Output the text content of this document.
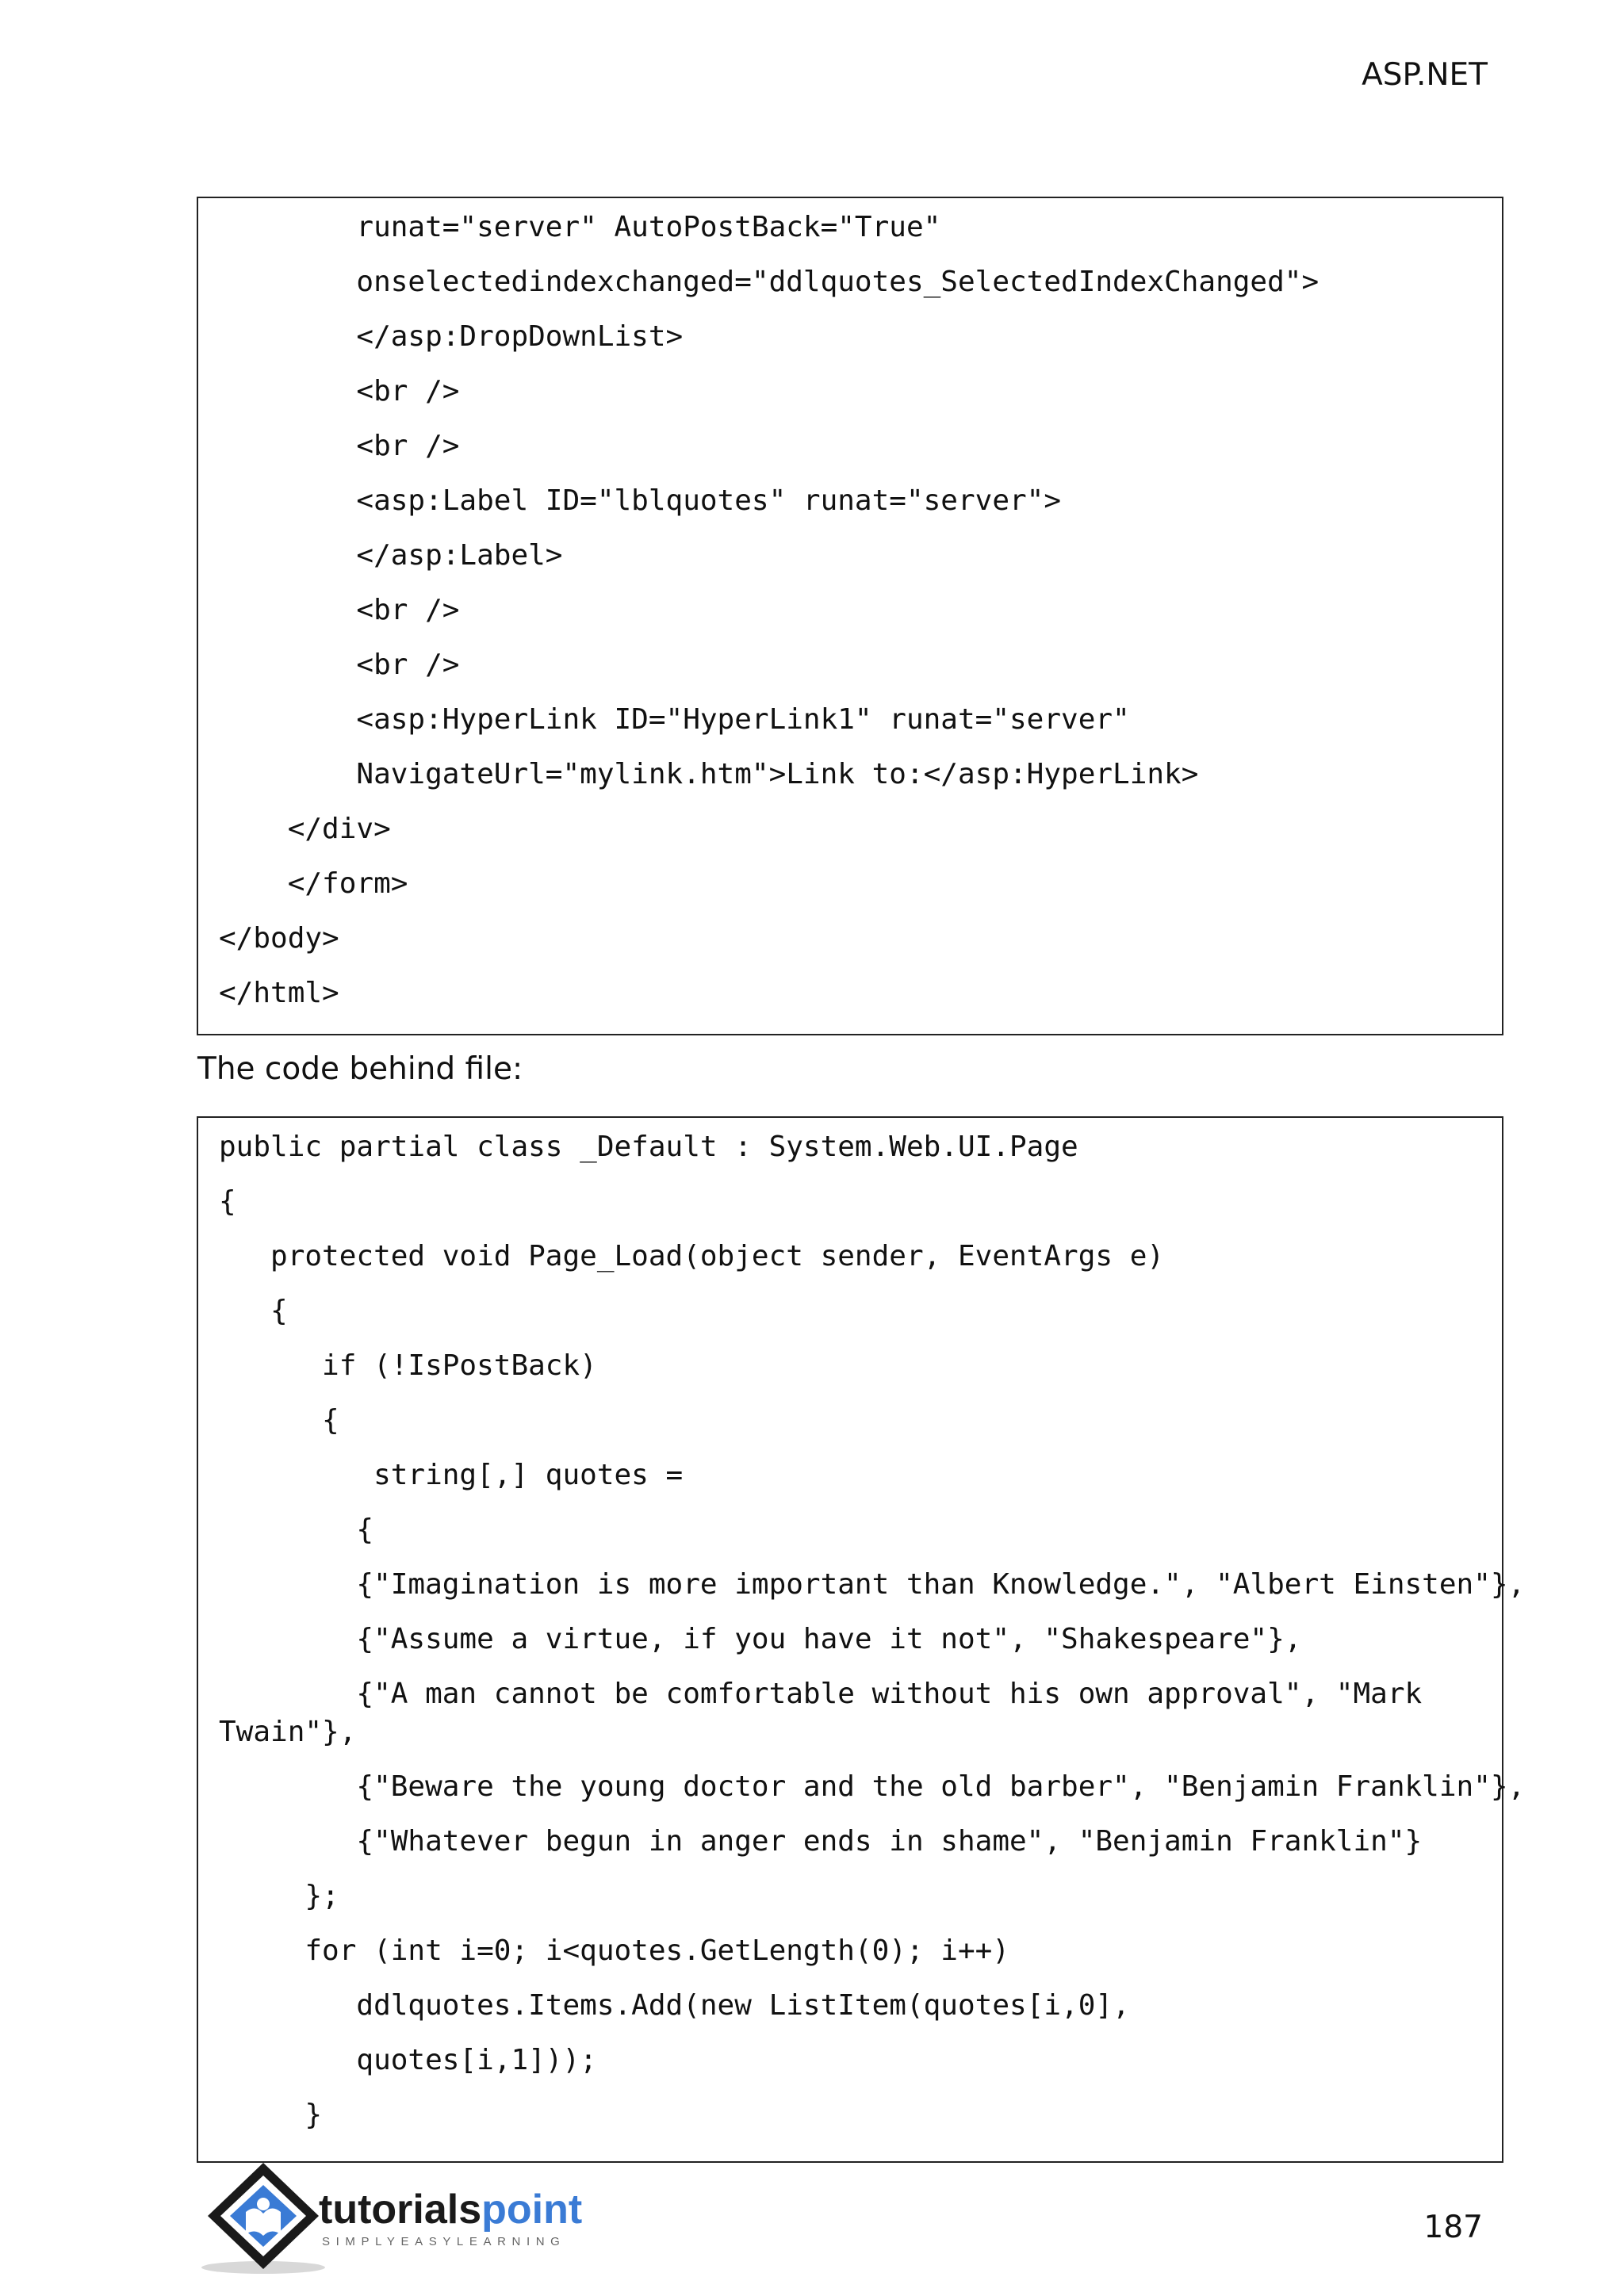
ASP.NET
runat="server" AutoPostBack="True"
onselectedindexchanged="ddlquotes_SelectedIndexChanged">
</asp:DropDownList>
<br />
<br />
<asp:Label ID="lblquotes" runat="server">
</asp:Label>
<br />
<br />
<asp:HyperLink ID="HyperLink1" runat="server"
NavigateUrl="mylink.htm">Link to:</asp:HyperLink>
</div>
</form>
</body>
</html>
The code behind file:
public partial class _Default : System.Web.UI.Page
{
protected void Page_Load(object sender, EventArgs e)
{
if (!IsPostBack)
{
string[,] quotes =
{
{"Imagination is more important than Knowledge.", "Albert Einsten"},
{"Assume a virtue, if you have it not", "Shakespeare"},
{"A man cannot be comfortable without his own approval", "Mark
Twain"},
{"Beware the young doctor and the old barber", "Benjamin Franklin"},
{"Whatever begun in anger ends in shame", "Benjamin Franklin"}
};
for (int i=0; i<quotes.GetLength(0); i++)
ddlquotes.Items.Add(new ListItem(quotes[i,0],
quotes[i,1]));
}
tutorialspoint
SIMPLYEASYLEARNING	187
